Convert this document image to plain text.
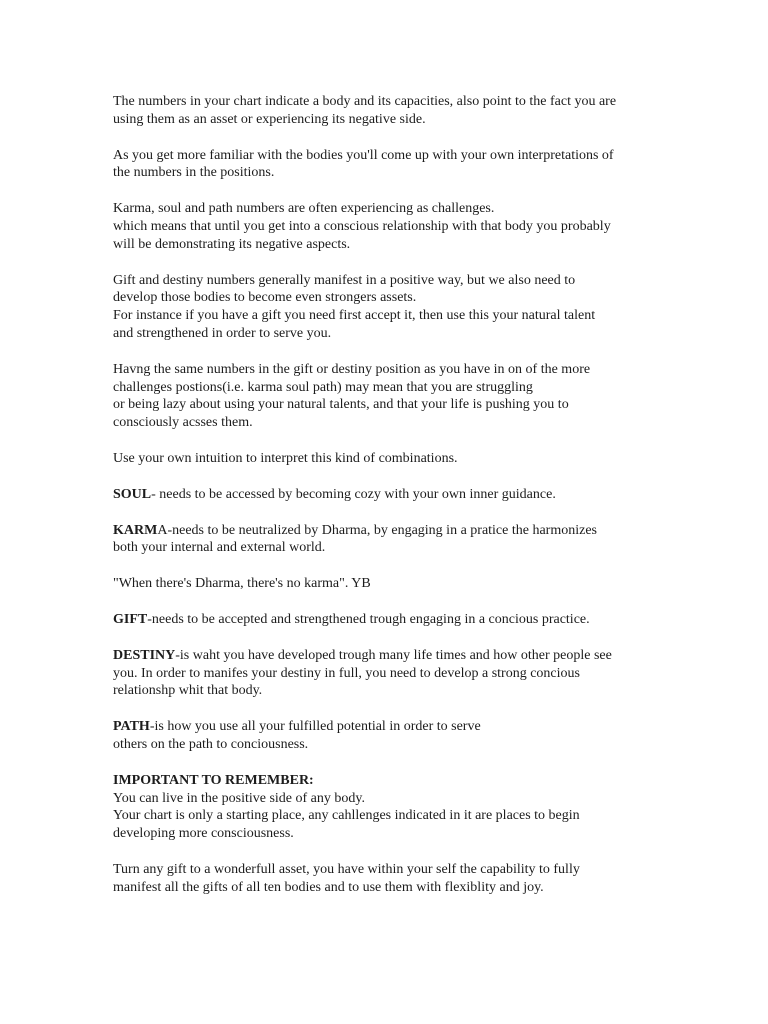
The numbers in your chart indicate a body and its capacities, also point to the fact you are
using them as an asset or experiencing its negative side.

As you get more familiar with the bodies you'll come up with your own interpretations of
the numbers in the positions.

Karma, soul and path numbers are often experiencing as challenges.
which means that until you get into a conscious relationship with that body you probably
will be demonstrating its negative aspects.

Gift and destiny numbers generally manifest in a positive way, but we also need to
develop those bodies to become even strongers assets.
For instance if you have a gift you need first accept it, then use this your natural talent
and strengthened in order to serve you.

Havng the same numbers in the gift or destiny position as you have in on of the more
challenges postions(i.e. karma soul path) may mean that you are struggling
or being lazy about using your natural talents, and that your life is pushing you to
consciously acsses them.

Use your own intuition to interpret this kind of combinations.

SOUL- needs to be accessed by becoming cozy with your own inner guidance.

KARMA-needs to be neutralized by Dharma, by engaging in a pratice the harmonizes
both your internal and external world.

"When there's Dharma, there's no karma". YB

GIFT-needs to be accepted and strengthened trough engaging in a concious practice.

DESTINY-is waht you have developed trough many life times and how other people see
you. In order to manifes your destiny in full, you need to develop a strong concious
relationshp whit that body.

PATH-is how you use all your fulfilled potential in order to serve
others on the path to conciousness.

IMPORTANT TO REMEMBER:
You can live in the positive side of any body.
Your chart is only a starting place, any cahllenges indicated in it are places to begin
developing more consciousness.

Turn any gift to a wonderfull asset, you have within your self the capability to fully
manifest all the gifts of all ten bodies and to use them with flexiblity and joy.
